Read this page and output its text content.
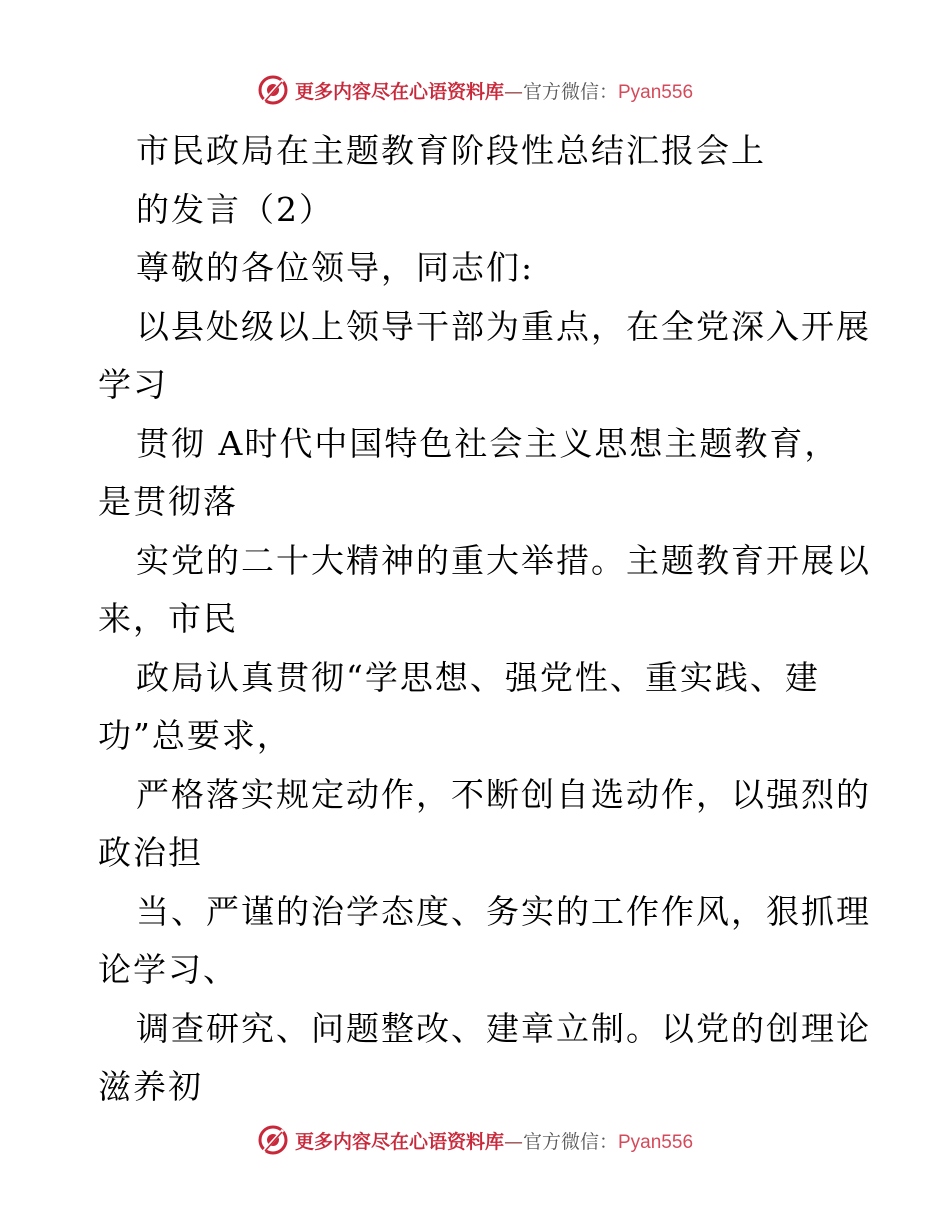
更多内容尽在心语资料库—官方微信：Pyan556
市民政局在主题教育阶段性总结汇报会上
的发言（2）
尊敬的各位领导，同志们:
以县处级以上领导干部为重点，在全党深入开展
学习
贯彻 A时代中国特色社会主义思想主题教育，
是贯彻落
实党的二十大精神的重大举措。主题教育开展以
来，市民
政局认真贯彻“学思想、强党性、重实践、建
功”总要求，
严格落实规定动作，不断创自选动作，以强烈的
政治担
当、严谨的治学态度、务实的工作作风，狠抓理
论学习、
调查研究、问题整改、建章立制。以党的创理论
滋养初
更多内容尽在心语资料库—官方微信：Pyan556
